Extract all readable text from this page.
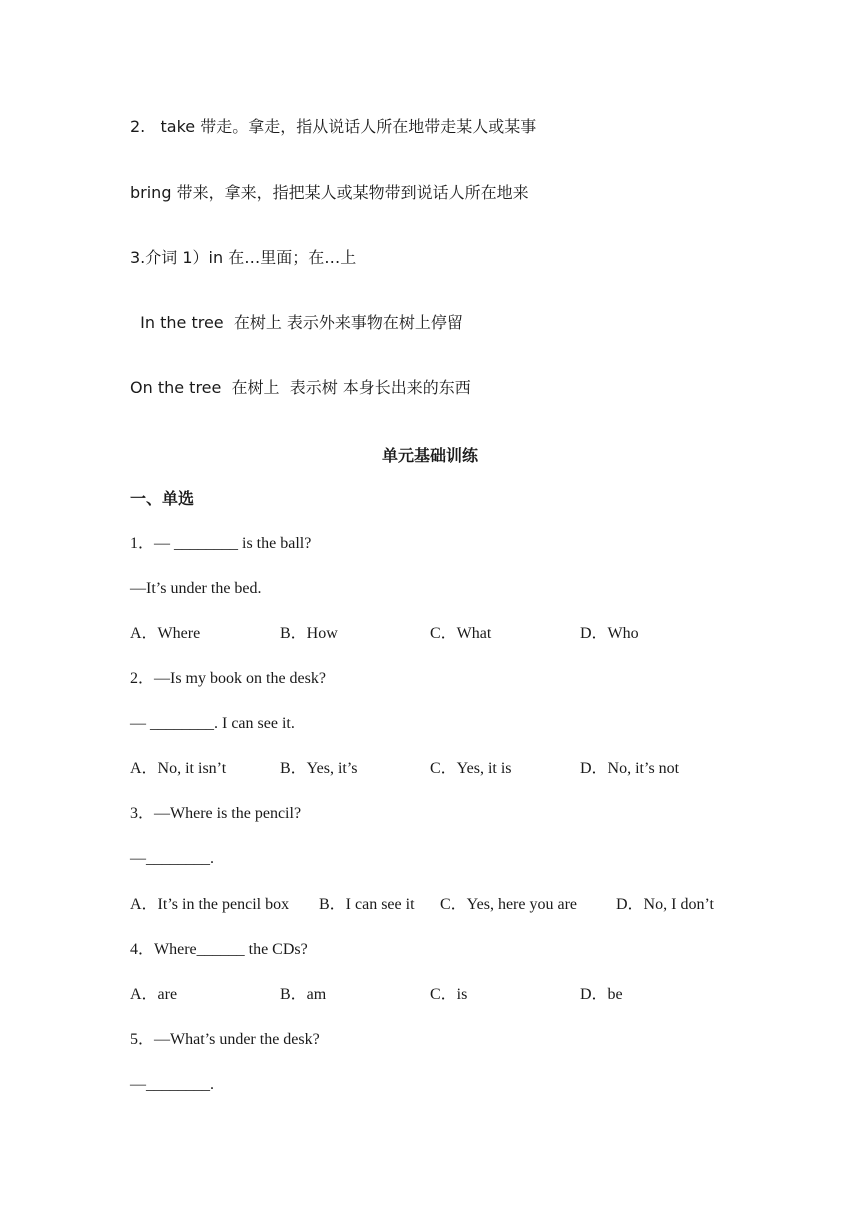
2.   take 带走。拿走，指从说话人所在地带走某人或某事
bring 带来，拿来，指把某人或某物带到说话人所在地来
3.介词 1）in 在…里面；在…上
In the tree  在树上 表示外来事物在树上停留
On the tree  在树上  表示树 本身长出来的东西
单元基础训练
一、单选
1．— ________ is the ball?
—It’s under the bed.
A．Where	B．How	C．What	D．Who
2．—Is my book on the desk?
— ________. I can see it.
A．No, it isn’t	B．Yes, it’s	C．Yes, it is	D．No, it’s not
3．—Where is the pencil?
—________.
A．It’s in the pencil box B．I can see it C．Yes, here you are D．No, I don’t
4．Where______ the CDs?
A．are	B．am	C．is	D．be
5．—What’s under the desk?
—________.
